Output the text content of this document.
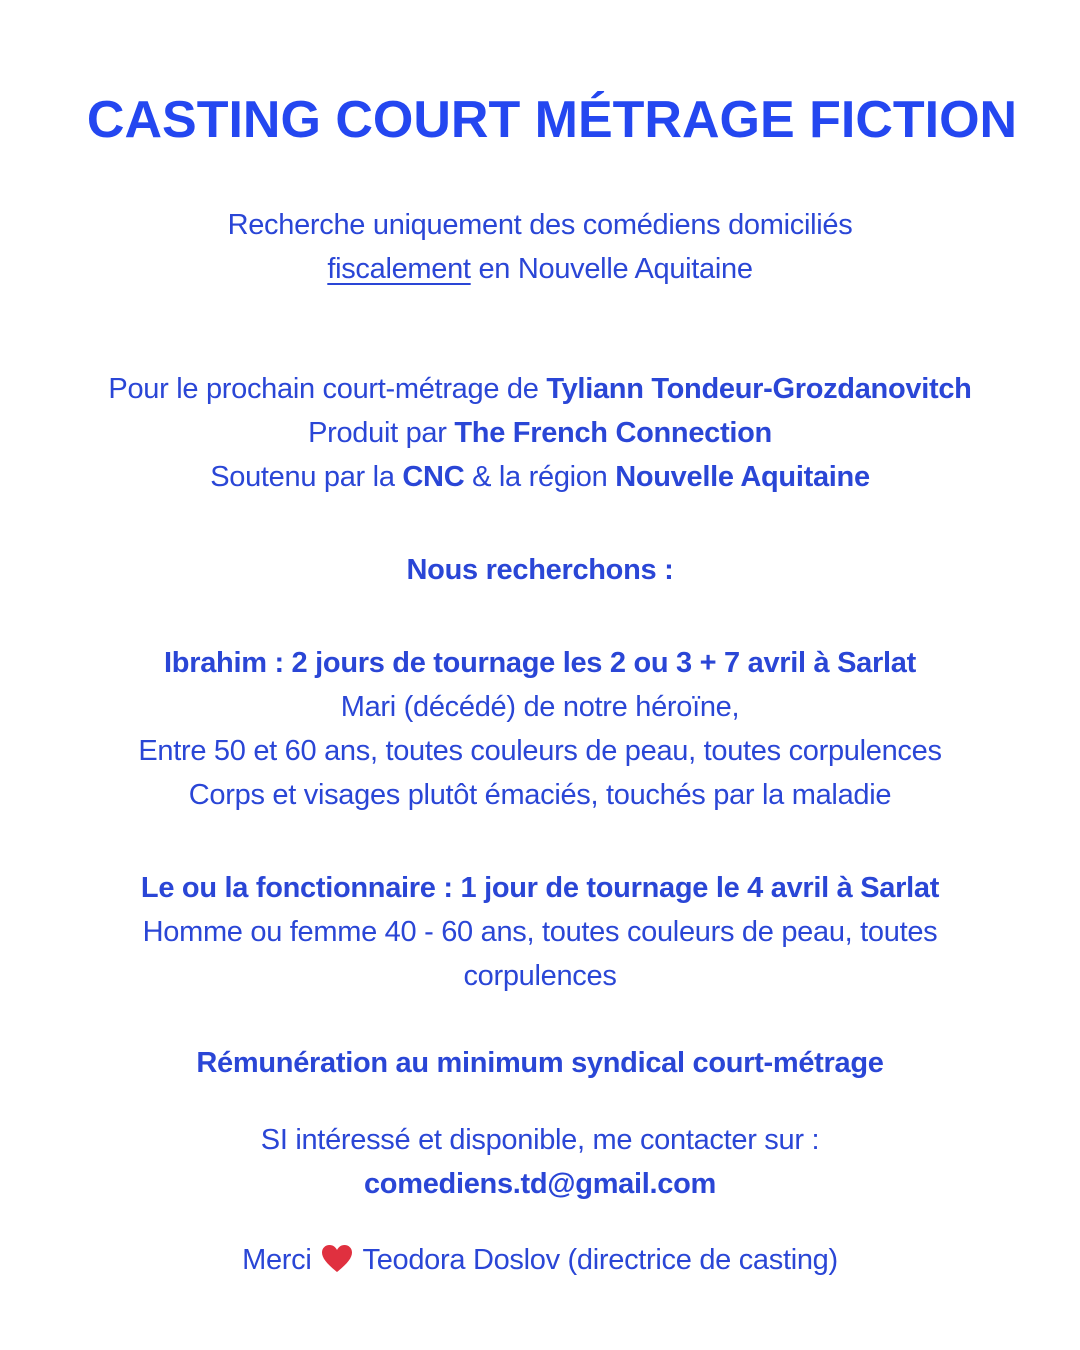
CASTING COURT MÉTRAGE FICTION
Recherche uniquement des comédiens domiciliés
fiscalement en Nouvelle Aquitaine
Pour le prochain court-métrage de Tyliann Tondeur-Grozdanovitch
Produit par The French Connection
Soutenu par la CNC & la région Nouvelle Aquitaine
Nous recherchons :
Ibrahim : 2 jours de tournage les 2 ou 3 + 7 avril à Sarlat
Mari (décédé) de notre héroïne,
Entre 50 et 60 ans, toutes couleurs de peau, toutes corpulences
Corps et visages plutôt émaciés, touchés par la maladie
Le ou la fonctionnaire : 1 jour de tournage le 4 avril à Sarlat
Homme ou femme 40 - 60 ans, toutes couleurs de peau, toutes
corpulences
Rémunération au minimum syndical court-métrage
SI intéressé et disponible, me contacter sur :
comediens.td@gmail.com
Merci Teodora Doslov (directrice de casting)
